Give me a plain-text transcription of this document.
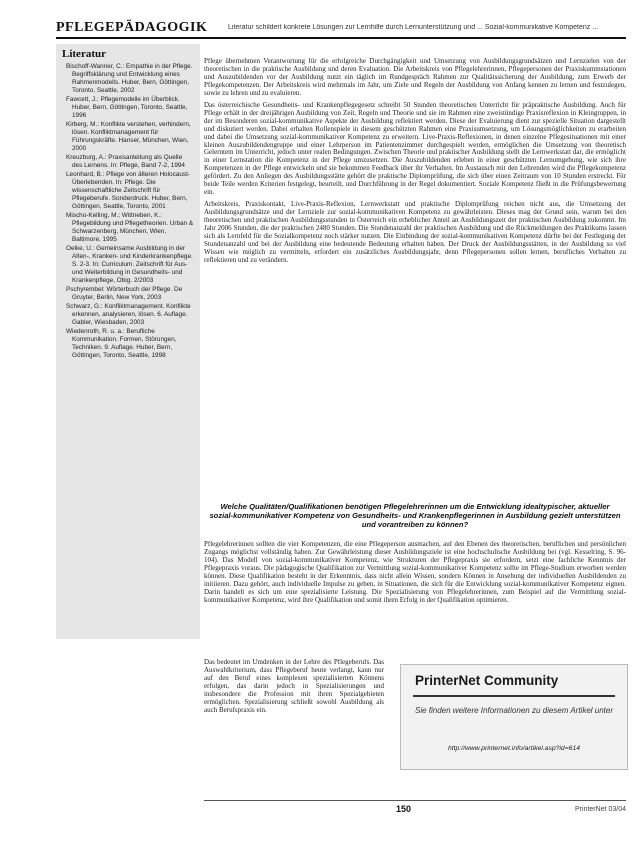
PFLEGEPÄDAGOGIK	Literatur schildert konkrete Lösungen zur Lernhilfe durch Lernunterstützung und ... Sozial-kommunikative Kompetenz ...
Literatur
Bischoff-Wanner, C.: Empathie in der Pflege. Begriffsklärung und Entwicklung eines Rahmenmodells. Huber, Bern, Göttingen, Toronto, Seattle, 2002
Fawcett, J.: Pflegemodelle im Überblick. Huber, Bern, Göttingen, Toronto, Seattle, 1996
Kirberg, M.: Konflikte verstehen, verhindern, lösen. Konfliktmanagement für Führungskräfte. Hanser, München, Wien, 2000
Kreuzburg, A.: Praxisanleitung als Quelle des Lernens. In: Pflege, Band 7-2, 1994
Leonhard, B.: Pflege von älteren Holocaust-Überlebenden. In: Pflege. Die wissenschaftliche Zeitschrift für Pflegeberufe. Sonderdruck. Huber, Bern, Göttingen, Seattle, Toronto, 2001
Mischo-Kelling, M.; Wittneben, K.: Pflegebildung und Pflegetheorien. Urban & Schwarzenberg, München, Wien, Baltimore, 1995
Oelke, U.: Gemeinsame Ausbildung in der Alten-, Kranken- und Kinderkrankenpflege. S. 2-3. In: Curriculum. Zeitschrift für Aus- und Weiterbildung in Gesundheits- und Krankenpflege, Obig. 2/2003
Pschyrembel: Wörterbuch der Pflege. De Gruyter, Berlin, New York, 2003
Schwarz, G.: Konfliktmanagement. Konflikte erkennen, analysieren, lösen. 6. Auflage. Gabler, Wiesbaden, 2003
Wiedenroth, R. u. a.: Berufliche Kommunikation. Formen, Störungen, Techniken. 9. Auflage. Huber, Bern, Göttingen, Toronto, Seattle, 1998

Pflege übernehmen Verantwortung für die erfolgreiche Durchgängigkeit und Umsetzung von Ausbildungsgrundsätzen und Lernzielen von der theoretischen in die praktische Ausbildung und deren Evaluation. Die Arbeitskreis von Pflegelehrerinnen, Pflegepersonen der Praxiskummstationen und Auszubildenden vor der Ausbildung nutzt ein täglich im Rundgespräch Rahmen zur Qualitätssicherung der Ausbildung, zum Erwerb der Pflegekompetenzen. Der Arbeitskreis wird mehrmals im Jahr, um Ziele und Regeln der Ausbildung von Anfang kennen zu lernen und festzulegen, sowie zu lehren und zu evaluieren.

Das österreichische Gesundheits- und Krankenpflegegesetz schreibt 50 Stunden theoretischen Unterricht für präpraktische Ausbildung. Auch für Pflege erhält in der dreijährigen Ausbildung von Zeit, Regeln und Theorie und sie im Rahmen eine zweistündige Praxisreflexion in Kleingruppen, in der im Besonderen sozial-kommunikative Aspekte der Ausbildung reflektiert werden. Diese der Evaluierung dient zur spezielle Situation dargestellt und diskutiert werden. Dabei erhalten Rollenspiele in diesem geschützten Rahmen eine Praxisumsetzung, um Lösungsmöglichkeiten zu erarbeiten und dabei die Umsetzung sozial-kommunikativer Kompetenz zu erweitern. Live-Praxis-Reflexionen, in denen einzelne Pflegesituationen mit einer kleinen Auszubildendengruppe und einer Lehrperson im Patientenzimmer durchgespielt werden, ermöglichen die Umsetzung von theoretisch Gelerntem im Unterricht, jedoch unter realen Bedingungen. Zwischen Theorie und praktischer Ausbildung stellt die Lernwerkstatt dar, die ermöglicht in einer Lernstation die Kompetenz in der Pflege umzusetzen. Die Auszubildenden erleben in einer geschützten Lernumgebung, wie sich ihre Kompetenzen in der Pflege entwickeln und sie bekommen Feedback über ihr Verhalten. Im Austausch mit den Lehrenden wird die Pflegekompetenz gefördert. Zu den Anliegen des Ausbildungsstätte gehört die praktische Diplomprüfung, die sich über einen Zeitraum von 10 Stunden erstreckt. Für beide Teile werden Kriterien festgelegt, beurteilt, und Durchführung in der Regel dokumentiert. Soziale Kompetenz fließt in die Prüfungsbewertung ein.

Arbeitskreis, Praxiskontakt, Live-Praxis-Reflexion, Lernwerkstatt und praktische Diplomprüfung reichen nicht aus, die Umsetzung der Ausbildungsgrundsätze und der Lernziele zur sozial-kommunikativen Kompetenz zu gewährleisten. Dieses mag der Grund sein, warum bei den theoretischen und praktischen Ausbildungsstunden in Österreich ein erheblicher Anteil an Ausbildungszeit der praktischen Ausbildung zukommt. Im Jahr 2006 Stunden, die der praktischen 2480 Stunden. Die Stundenanzahl der praktischen Ausbildung und die Rückmeldungen des Praktikums lassen sich als Lernfeld für die Sozialkompetenz noch stärker nutzen. Die Einbindung der sozial-kommunikativen Kompetenz dürfte bei der Festlegung der Stundenanzahl und bei der Ausbildung eine bedeutende Bedeutung erhalten haben. Der Druck der Ausbildungsstätten, in der Ausbildung so viel Wissen wie möglich zu vermitteln, erfordert ein zusätzliches Ausbildungsjahr, denn Pflegepersonen sollen lernen, berufliches Verhalten zu reflektieren und zu verändern.

Welche Qualitäten/Qualifikationen benötigen Pflegelehrerinnen um die Entwicklung idealtypischer, aktueller sozial-kommunikativer Kompetenz von Gesundheits- und Krankenpflegerinnen in Ausbildung gezielt unterstützen und vorantreiben zu können?

Pflegelehrerinnen sollten die vier Kompetenzen, die eine Pflegeperson ausmachen, auf den Ebenen des theoretischen, beruflichen und persönlichen Zugangs möglichst vollständig haben. Zur Gewährleistung dieser Ausbildungsziele ist eine hochschulische Ausbildung bei (vgl. Kesselring, S. 96-104). Das Modell von sozial-kommunikativer Kompetenz, wie Strukturen der Pflegepraxis sie erfordern, setzt eine fachliche Kenntnis der Pflegepraxis voraus. Die pädagogische Qualifikation zur Vermittlung sozial-kommunikativer Kompetenz sollte im Pflege-Studium erworben werden können. Diese Qualifikation besteht in der Erkenntnis, dass nicht allein Wissen, sondern Können in Ansehung der individuellen Ausbildenden zu initiieren. Dazu gehört, auch individuelle Impulse zu geben, in Situationen, die sich für die Entwicklung sozial-kommunikativer Kompetenz eignen. Darin handelt es sich um eine spezialisierte Leistung. Die Spezialisierung von Pflegelehrerinnen, zum Beispiel auf die Vermittlung sozial-kommunikativer Kompetenz, wird ihre Qualifikation und somit ihren Erfolg in der Qualifikation optimieren.

Das bedeutet im Umdenken in der Lehre des Pflegeberufs. Das Auswahlkriterium, dass Pflegeberuf heute verlangt, kann nur auf den Beruf eines komplexen spezialisierten Könnens erfolgen, das darin jedoch in Spezialisierungen und insbesondere die Profession mit ihren Spezialgebieten ermöglichen. Spezialisierung schließt sowohl Ausbildung als auch Berufspraxis ein.

PrinterNet Community
Sie finden weitere Informationen zu diesem Artikel unter
http://www.printernet.info/artikel.asp?id=614
150	PrinterNet 03/04
